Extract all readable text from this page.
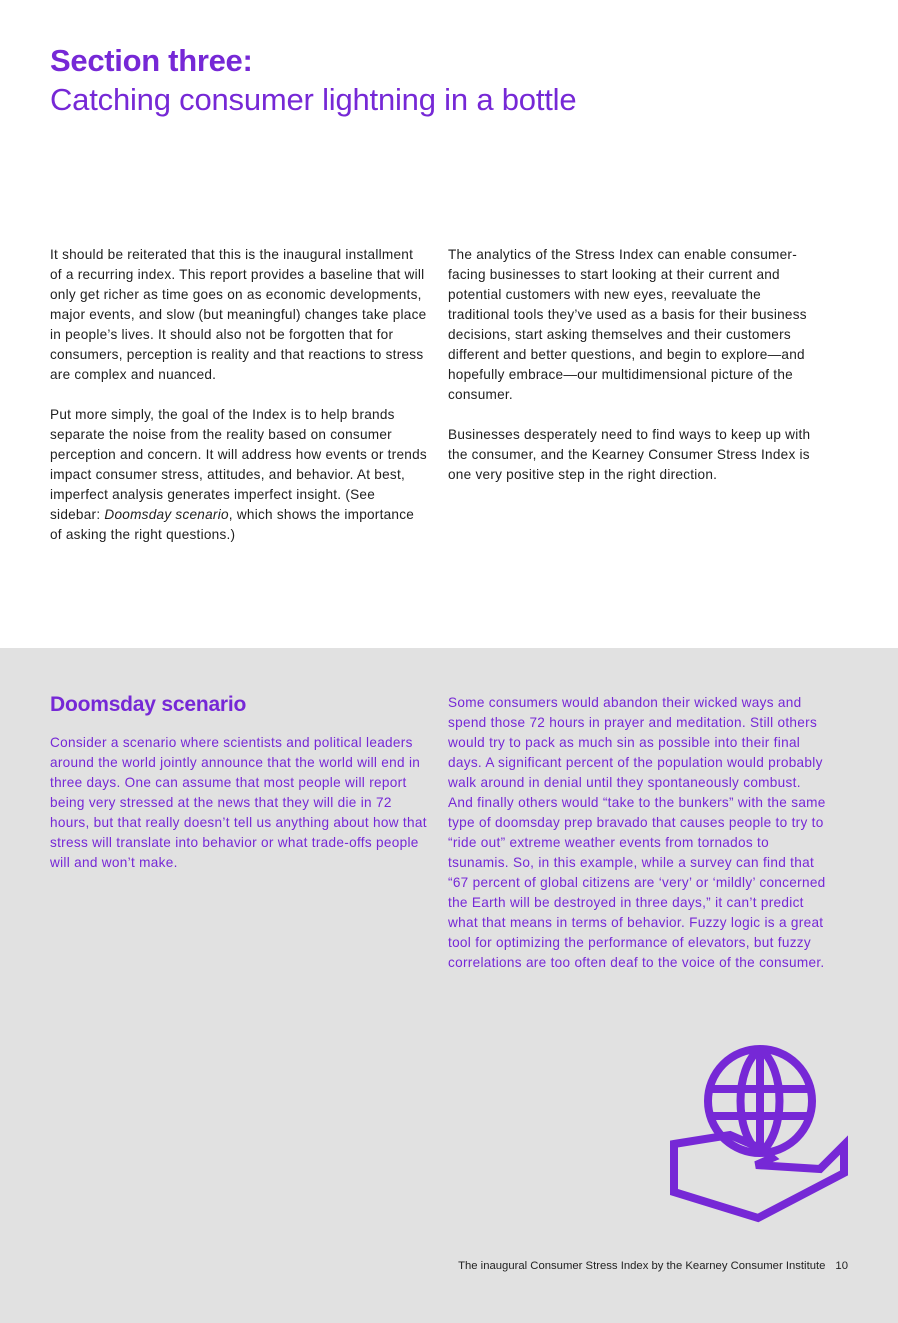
Section three:
Catching consumer lightning in a bottle

It should be reiterated that this is the inaugural installment of a recurring index. This report provides a baseline that will only get richer as time goes on as economic developments, major events, and slow (but meaningful) changes take place in people’s lives. It should also not be forgotten that for consumers, perception is reality and that reactions to stress are complex and nuanced.

Put more simply, the goal of the Index is to help brands separate the noise from the reality based on consumer perception and concern. It will address how events or trends impact consumer stress, attitudes, and behavior. At best, imperfect analysis generates imperfect insight. (See sidebar: Doomsday scenario, which shows the importance of asking the right questions.)

The analytics of the Stress Index can enable consumer-facing businesses to start looking at their current and potential customers with new eyes, reevaluate the traditional tools they’ve used as a basis for their business decisions, start asking themselves and their customers different and better questions, and begin to explore—and hopefully embrace—our multidimensional picture of the consumer.

Businesses desperately need to find ways to keep up with the consumer, and the Kearney Consumer Stress Index is one very positive step in the right direction.

Doomsday scenario
Consider a scenario where scientists and political leaders around the world jointly announce that the world will end in three days. One can assume that most people will report being very stressed at the news that they will die in 72 hours, but that really doesn’t tell us anything about how that stress will translate into behavior or what trade-offs people will and won’t make.
Some consumers would abandon their wicked ways and spend those 72 hours in prayer and meditation. Still others would try to pack as much sin as possible into their final days. A significant percent of the population would probably walk around in denial until they spontaneously combust. And finally others would “take to the bunkers” with the same type of doomsday prep bravado that causes people to try to “ride out” extreme weather events from tornados to tsunamis. So, in this example, while a survey can find that “67 percent of global citizens are ‘very’ or ‘mildly’ concerned the Earth will be destroyed in three days,” it can’t predict what that means in terms of behavior. Fuzzy logic is a great tool for optimizing the performance of elevators, but fuzzy correlations are too often deaf to the voice of the consumer.
The inaugural Consumer Stress Index by the Kearney Consumer Institute 10
